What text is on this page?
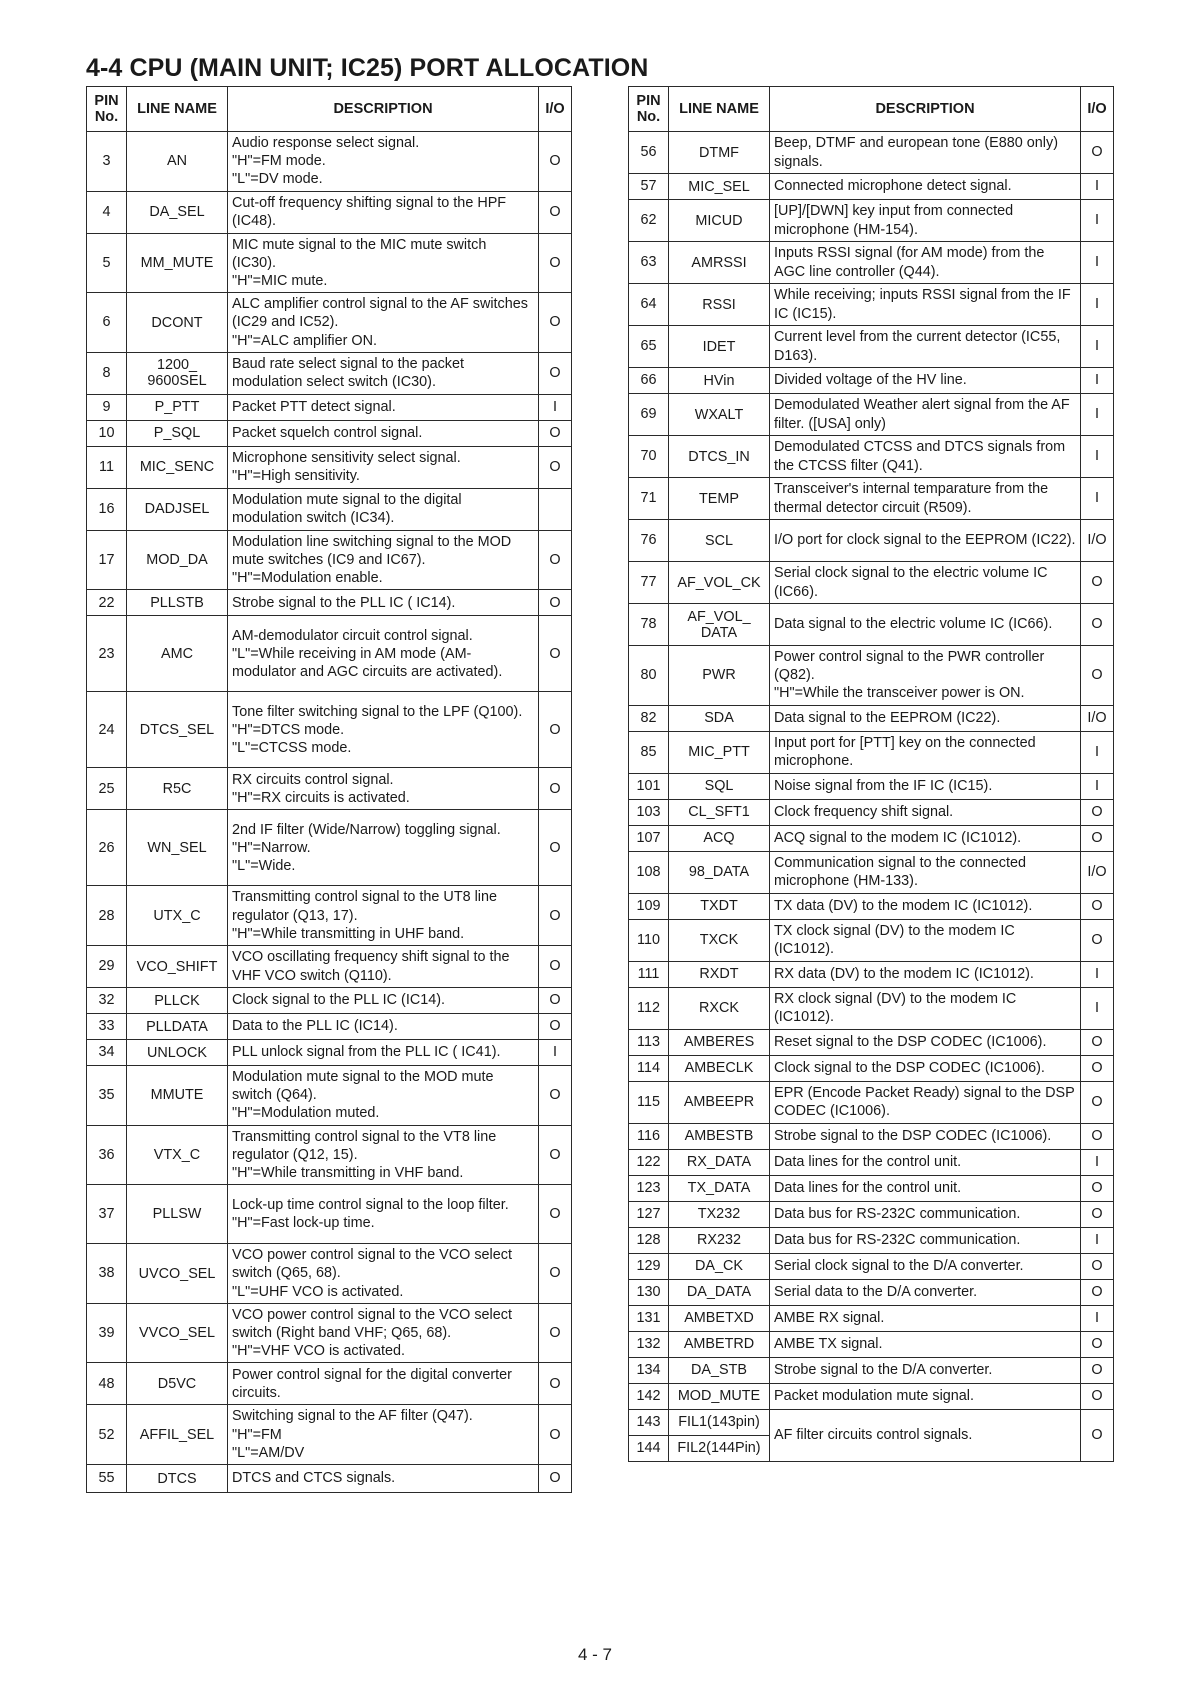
4-4 CPU (MAIN UNIT; IC25) PORT ALLOCATION
PIN
No.	LINE NAME	DESCRIPTION	I/O
3	AN	Audio response select signal.
"H"=FM mode.
"L"=DV mode.	O
4	DA_SEL	Cut-off frequency shifting signal to the HPF (IC48).	O
5	MM_MUTE	MIC mute signal to the MIC mute switch (IC30).
"H"=MIC mute.	O
6	DCONT	ALC amplifier control signal to the AF switches (IC29 and IC52).
"H"=ALC amplifier ON.	O
8	1200_
9600SEL	Baud rate select signal to the packet modulation select switch (IC30).	O
9	P_PTT	Packet PTT detect signal.	I
10	P_SQL	Packet squelch control signal.	O
11	MIC_SENC	Microphone sensitivity select signal.
"H"=High sensitivity.	O
16	DADJSEL	Modulation mute signal to the digital modulation switch (IC34).	
17	MOD_DA	Modulation line switching signal to the MOD mute switches (IC9 and IC67).
"H"=Modulation enable.	O
22	PLLSTB	Strobe signal to the PLL IC ( IC14).	O
23	AMC	AM-demodulator circuit control signal.
"L"=While receiving in AM mode (AM-modulator and AGC circuits are activated).	O
24	DTCS_SEL	Tone filter switching signal to the LPF (Q100).
"H"=DTCS mode.
"L"=CTCSS mode.	O
25	R5C	RX circuits control signal.
"H"=RX circuits is activated.	O
26	WN_SEL	2nd IF filter (Wide/Narrow) toggling signal.
"H"=Narrow.
"L"=Wide.	O
28	UTX_C	Transmitting control signal to the UT8 line regulator (Q13, 17).
"H"=While transmitting in UHF band.	O
29	VCO_SHIFT	VCO oscillating frequency shift signal to the VHF VCO switch (Q110).	O
32	PLLCK	Clock signal to the PLL IC (IC14).	O
33	PLLDATA	Data to the PLL IC (IC14).	O
34	UNLOCK	PLL unlock signal from the PLL IC ( IC41).	I
35	MMUTE	Modulation mute signal to the MOD mute switch (Q64).
"H"=Modulation muted.	O
36	VTX_C	Transmitting control signal to the VT8 line regulator (Q12, 15).
"H"=While transmitting in VHF band.	O
37	PLLSW	Lock-up time control signal to the loop filter.
"H"=Fast lock-up time.	O
38	UVCO_SEL	VCO power control signal to the VCO select switch (Q65, 68).
"L"=UHF VCO is activated.	O
39	VVCO_SEL	VCO power control signal to the VCO select switch (Right band VHF; Q65, 68).
"H"=VHF VCO is activated.	O
48	D5VC	Power control signal for the digital converter circuits.	O
52	AFFIL_SEL	Switching signal to the AF filter (Q47).
"H"=FM
"L"=AM/DV	O
55	DTCS	DTCS and CTCS signals.	O
PIN
No.	LINE NAME	DESCRIPTION	I/O
56	DTMF	Beep, DTMF and european tone (E880 only) signals.	O
57	MIC_SEL	Connected microphone detect signal.	I
62	MICUD	[UP]/[DWN] key input from connected microphone (HM-154).	I
63	AMRSSI	Inputs RSSI signal (for AM mode) from the AGC line controller (Q44).	I
64	RSSI	While receiving; inputs RSSI signal from the IF IC (IC15).	I
65	IDET	Current level from the current detector (IC55, D163).	I
66	HVin	Divided voltage of the HV line.	I
69	WXALT	Demodulated Weather alert signal from the AF filter. ([USA] only)	I
70	DTCS_IN	Demodulated CTCSS and DTCS signals from the CTCSS filter (Q41).	I
71	TEMP	Transceiver's internal temparature from the thermal detector circuit (R509).	I
76	SCL	I/O port for clock signal to the EEPROM (IC22).	I/O
77	AF_VOL_CK	Serial clock signal to the electric volume IC (IC66).	O
78	AF_VOL_
DATA	Data signal to the electric volume IC (IC66).	O
80	PWR	Power control signal to the PWR controller (Q82).
"H"=While the transceiver power is ON.	O
82	SDA	Data signal to the EEPROM (IC22).	I/O
85	MIC_PTT	Input port for [PTT] key on the connected microphone.	I
101	SQL	Noise signal from the IF IC (IC15).	I
103	CL_SFT1	Clock frequency shift signal.	O
107	ACQ	ACQ signal to the modem IC (IC1012).	O
108	98_DATA	Communication signal to the connected microphone (HM-133).	I/O
109	TXDT	TX data (DV) to the modem IC (IC1012).	O
110	TXCK	TX clock signal (DV) to the modem IC (IC1012).	O
111	RXDT	RX data (DV) to the modem IC (IC1012).	I
112	RXCK	RX clock signal (DV) to the modem IC (IC1012).	I
113	AMBERES	Reset signal to the DSP CODEC (IC1006).	O
114	AMBECLK	Clock signal to the DSP CODEC (IC1006).	O
115	AMBEEPR	EPR (Encode Packet Ready) signal to the DSP CODEC (IC1006).	O
116	AMBESTB	Strobe signal to the DSP CODEC (IC1006).	O
122	RX_DATA	Data lines for the control unit.	I
123	TX_DATA	Data lines for the control unit.	O
127	TX232	Data bus for RS-232C communication.	O
128	RX232	Data bus for RS-232C communication.	I
129	DA_CK	Serial clock signal to the D/A converter.	O
130	DA_DATA	Serial data to the D/A converter.	O
131	AMBETXD	AMBE RX signal.	I
132	AMBETRD	AMBE TX signal.	O
134	DA_STB	Strobe signal to the D/A converter.	O
142	MOD_MUTE	Packet modulation mute signal.	O
143	FIL1(143pin)	AF filter circuits control signals.	O
144	FIL2(144Pin)		
4 - 7
